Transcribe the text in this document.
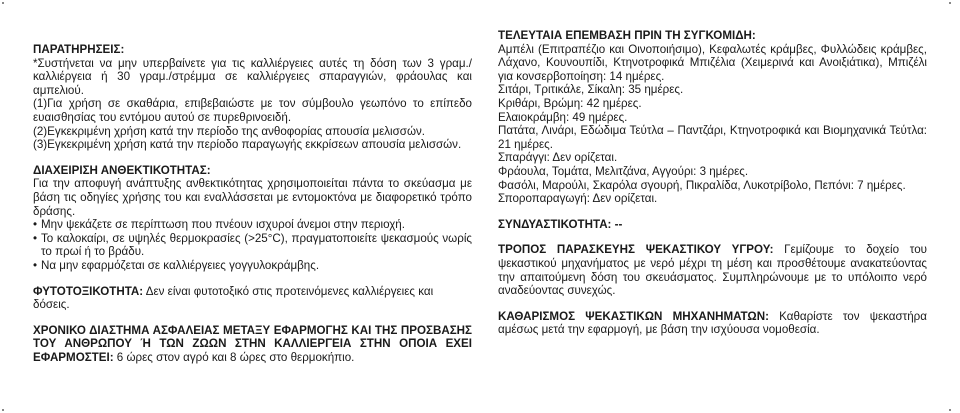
ΠΑΡΑΤΗΡΗΣΕΙΣ:

*Συστήνεται να μην υπερβαίνετε για τις καλλιέργειες αυτές τη δόση των 3 γραμ./καλλιέργεια ή 30 γραμ./στρέμμα σε καλλιέργειες σπαραγγιών, φράουλας και αμπελιού.

(1)Για χρήση σε σκαθάρια, επιβεβαιώστε με τον σύμβουλο γεωπόνο το επίπεδο ευαισθησίας του εντόμου αυτού σε πυρεθρινοειδή.

(2)Εγκεκριμένη χρήση κατά την περίοδο της ανθοφορίας απουσία μελισσών.

(3)Εγκεκριμένη χρήση κατά την περίοδο παραγωγής εκκρίσεων απουσία μελισσών.

ΔΙΑΧΕΙΡΙΣΗ ΑΝΘΕΚΤΙΚΟΤΗΤΑΣ:

Για την αποφυγή ανάπτυξης ανθεκτικότητας χρησιμοποιείται πάντα το σκεύασμα με βάση τις οδηγίες χρήσης του και εναλλάσσεται με εντομοκτόνα με διαφορετικό τρόπο δράσης.

• Μην ψεκάζετε σε περίπτωση που πνέουν ισχυροί άνεμοι στην περιοχή.
• Το καλοκαίρι, σε υψηλές θερμοκρασίες (>25°C), πραγματοποιείτε ψεκασμούς νωρίς το πρωί ή το βράδυ.
• Να μην εφαρμόζεται σε καλλιέργειες γογγυλοκράμβης.

ΦΥΤΟΤΟΞΙΚΟΤΗΤΑ: Δεν είναι φυτοτοξικό στις προτεινόμενες καλλιέργειες και δόσεις.

ΧΡΟΝΙΚΟ ΔΙΑΣΤΗΜΑ ΑΣΦΑΛΕΙΑΣ ΜΕΤΑΞΥ ΕΦΑΡΜΟΓΗΣ ΚΑΙ ΤΗΣ ΠΡΟΣΒΑΣΗΣ ΤΟΥ ΑΝΘΡΩΠΟΥ Ή ΤΩΝ ΖΩΩΝ ΣΤΗΝ ΚΑΛΛΙΕΡΓΕΙΑ ΣΤΗΝ ΟΠΟΙΑ ΕΧΕΙ ΕΦΑΡΜΟΣΤΕΙ: 6 ώρες στον αγρό και 8 ώρες στο θερμοκήπιο.

ΤΕΛΕΥΤΑΙΑ ΕΠΕΜΒΑΣΗ ΠΡΙΝ ΤΗ ΣΥΓΚΟΜΙΔΗ:

Αμπέλι (Επιτραπέζιο και Οινοποιήσιμο), Κεφαλωτές κράμβες, Φυλλώδεις κράμβες, Λάχανο, Κουνουπίδι, Κτηνοτροφικά Μπιζέλια (Χειμερινά και Ανοιξιάτικα), Μπιζέλι για κονσερβοποίηση: 14 ημέρες.

Σιτάρι, Τριτικάλε, Σίκαλη: 35 ημέρες.

Κριθάρι, Βρώμη: 42 ημέρες.

Ελαιοκράμβη: 49 ημέρες.

Πατάτα, Λινάρι, Εδώδιμα Τεύτλα – Παντζάρι, Κτηνοτροφικά και Βιομηχανικά Τεύτλα: 21 ημέρες.

Σπαράγγι: Δεν ορίζεται.

Φράουλα, Τομάτα, Μελιτζάνα, Αγγούρι: 3 ημέρες.

Φασόλι, Μαρούλι, Σκαρόλα σγουρή, Πικραλίδα, Λυκοτρίβολο, Πεπόνι: 7 ημέρες.

Σποροπαραγωγή: Δεν ορίζεται.

ΣΥΝΔΥΑΣΤΙΚΟΤΗΤΑ: --

ΤΡΟΠΟΣ ΠΑΡΑΣΚΕΥΗΣ ΨΕΚΑΣΤΙΚΟΥ ΥΓΡΟΥ: Γεμίζουμε το δοχείο του ψεκαστικού μηχανήματος με νερό μέχρι τη μέση και προσθέτουμε ανακατεύοντας την απαιτούμενη δόση του σκευάσματος. Συμπληρώνουμε με το υπόλοιπο νερό αναδεύοντας συνεχώς.

ΚΑΘΑΡΙΣΜΟΣ ΨΕΚΑΣΤΙΚΩΝ ΜΗΧΑΝΗΜΑΤΩΝ: Καθαρίστε τον ψεκαστήρα αμέσως μετά την εφαρμογή, με βάση την ισχύουσα νομοθεσία.
